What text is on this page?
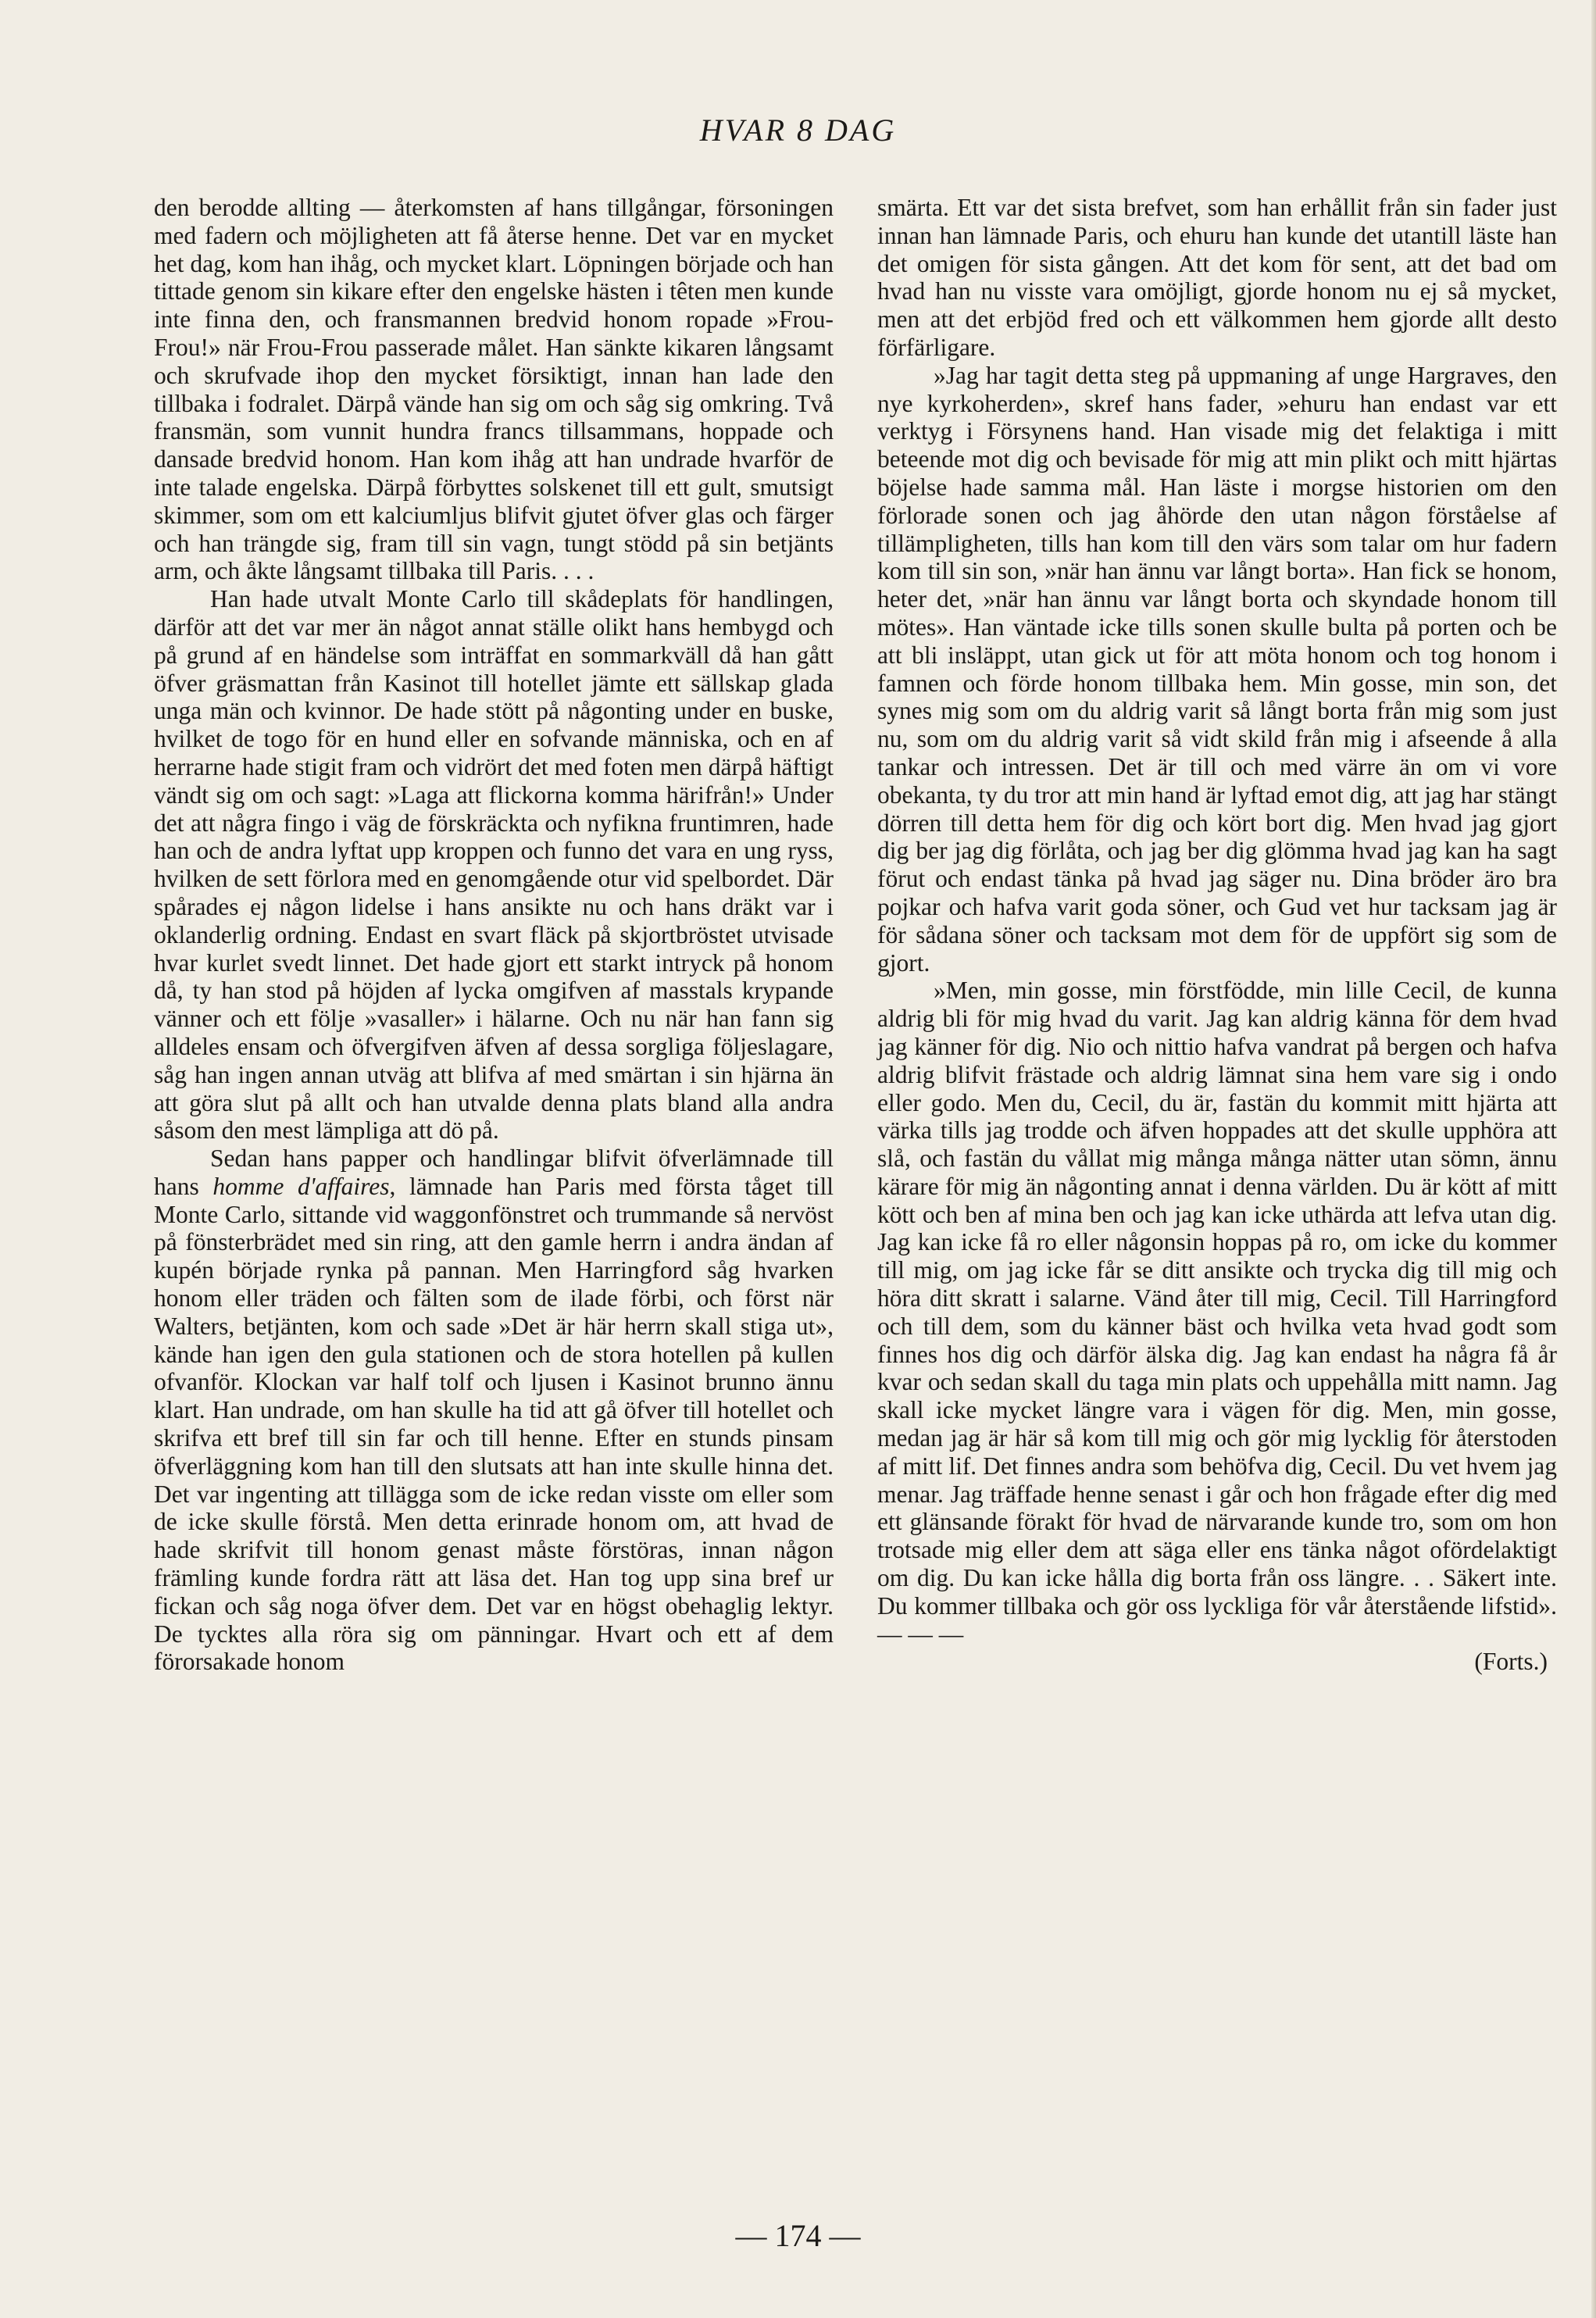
HVAR 8 DAG

den berodde allting — återkomsten af hans tillgångar, försoningen med fadern och möjligheten att få återse henne. Det var en mycket het dag, kom han ihåg, och mycket klart. Löpningen började och han tittade genom sin kikare efter den engelske hästen i têten men kunde inte finna den, och fransmannen bredvid honom ropade »Frou-Frou!» när Frou-Frou passerade målet. Han sänkte kikaren långsamt och skrufvade ihop den mycket försiktigt, innan han lade den tillbaka i fodralet. Därpå vände han sig om och såg sig omkring. Två fransmän, som vunnit hundra francs tillsammans, hoppade och dansade bredvid honom. Han kom ihåg att han undrade hvarför de inte talade engelska. Därpå förbyttes solskenet till ett gult, smutsigt skimmer, som om ett kalciumljus blifvit gjutet öfver glas och färger och han trängde sig, fram till sin vagn, tungt stödd på sin betjänts arm, och åkte långsamt tillbaka till Paris. . . .

Han hade utvalt Monte Carlo till skådeplats för handlingen, därför att det var mer än något annat ställe olikt hans hembygd och på grund af en händelse som inträffat en sommarkväll då han gått öfver gräsmattan från Kasinot till hotellet jämte ett sällskap glada unga män och kvinnor. De hade stött på någonting under en buske, hvilket de togo för en hund eller en sofvande människa, och en af herrarne hade stigit fram och vidrört det med foten men därpå häftigt vändt sig om och sagt: »Laga att flickorna komma härifrån!» Under det att några fingo i väg de förskräckta och nyfikna fruntimren, hade han och de andra lyftat upp kroppen och funno det vara en ung ryss, hvilken de sett förlora med en genomgående otur vid spelbordet. Där spårades ej någon lidelse i hans ansikte nu och hans dräkt var i oklanderlig ordning. Endast en svart fläck på skjortbröstet utvisade hvar kurlet svedt linnet. Det hade gjort ett starkt intryck på honom då, ty han stod på höjden af lycka omgifven af masstals krypande vänner och ett följe »vasaller» i hälarne. Och nu när han fann sig alldeles ensam och öfvergifven äfven af dessa sorgliga följeslagare, såg han ingen annan utväg att blifva af med smärtan i sin hjärna än att göra slut på allt och han utvalde denna plats bland alla andra såsom den mest lämpliga att dö på.

Sedan hans papper och handlingar blifvit öfverlämnade till hans homme d'affaires, lämnade han Paris med första tåget till Monte Carlo, sittande vid waggonfönstret och trummande så nervöst på fönsterbrädet med sin ring, att den gamle herrn i andra ändan af kupén började rynka på pannan. Men Harringford såg hvarken honom eller träden och fälten som de ilade förbi, och först när Walters, betjänten, kom och sade »Det är här herrn skall stiga ut», kände han igen den gula stationen och de stora hotellen på kullen ofvanför. Klockan var half tolf och ljusen i Kasinot brunno ännu klart. Han undrade, om han skulle ha tid att gå öfver till hotellet och skrifva ett bref till sin far och till henne. Efter en stunds pinsam öfverläggning kom han till den slutsats att han inte skulle hinna det. Det var ingenting att tillägga som de icke redan visste om eller som de icke skulle förstå. Men detta erinrade honom om, att hvad de hade skrifvit till honom genast måste förstöras, innan någon främling kunde fordra rätt att läsa det. Han tog upp sina bref ur fickan och såg noga öfver dem. Det var en högst obehaglig lektyr. De tycktes alla röra sig om pänningar. Hvart och ett af dem förorsakade honom

smärta. Ett var det sista brefvet, som han erhållit från sin fader just innan han lämnade Paris, och ehuru han kunde det utantill läste han det omigen för sista gången. Att det kom för sent, att det bad om hvad han nu visste vara omöjligt, gjorde honom nu ej så mycket, men att det erbjöd fred och ett välkommen hem gjorde allt desto förfärligare.

»Jag har tagit detta steg på uppmaning af unge Hargraves, den nye kyrkoherden», skref hans fader, »ehuru han endast var ett verktyg i Försynens hand. Han visade mig det felaktiga i mitt beteende mot dig och bevisade för mig att min plikt och mitt hjärtas böjelse hade samma mål. Han läste i morgse historien om den förlorade sonen och jag åhörde den utan någon förståelse af tillämpligheten, tills han kom till den värs som talar om hur fadern kom till sin son, »när han ännu var långt borta». Han fick se honom, heter det, »när han ännu var långt borta och skyndade honom till mötes». Han väntade icke tills sonen skulle bulta på porten och be att bli insläppt, utan gick ut för att möta honom och tog honom i famnen och förde honom tillbaka hem. Min gosse, min son, det synes mig som om du aldrig varit så långt borta från mig som just nu, som om du aldrig varit så vidt skild från mig i afseende å alla tankar och intressen. Det är till och med värre än om vi vore obekanta, ty du tror att min hand är lyftad emot dig, att jag har stängt dörren till detta hem för dig och kört bort dig. Men hvad jag gjort dig ber jag dig förlåta, och jag ber dig glömma hvad jag kan ha sagt förut och endast tänka på hvad jag säger nu. Dina bröder äro bra pojkar och hafva varit goda söner, och Gud vet hur tacksam jag är för sådana söner och tacksam mot dem för de uppfört sig som de gjort.

»Men, min gosse, min förstfödde, min lille Cecil, de kunna aldrig bli för mig hvad du varit. Jag kan aldrig känna för dem hvad jag känner för dig. Nio och nittio hafva vandrat på bergen och hafva aldrig blifvit frästade och aldrig lämnat sina hem vare sig i ondo eller godo. Men du, Cecil, du är, fastän du kommit mitt hjärta att värka tills jag trodde och äfven hoppades att det skulle upphöra att slå, och fastän du vållat mig många många nätter utan sömn, ännu kärare för mig än någonting annat i denna världen. Du är kött af mitt kött och ben af mina ben och jag kan icke uthärda att lefva utan dig. Jag kan icke få ro eller någonsin hoppas på ro, om icke du kommer till mig, om jag icke får se ditt ansikte och trycka dig till mig och höra ditt skratt i salarne. Vänd åter till mig, Cecil. Till Harringford och till dem, som du känner bäst och hvilka veta hvad godt som finnes hos dig och därför älska dig. Jag kan endast ha några få år kvar och sedan skall du taga min plats och uppehålla mitt namn. Jag skall icke mycket längre vara i vägen för dig. Men, min gosse, medan jag är här så kom till mig och gör mig lycklig för återstoden af mitt lif. Det finnes andra som behöfva dig, Cecil. Du vet hvem jag menar. Jag träffade henne senast i går och hon frågade efter dig med ett glänsande förakt för hvad de närvarande kunde tro, som om hon trotsade mig eller dem att säga eller ens tänka något ofördelaktigt om dig. Du kan icke hålla dig borta från oss längre. . . Säkert inte. Du kommer tillbaka och gör oss lyckliga för vår återstående lifstid». — — —

(Forts.)

— 174 —
